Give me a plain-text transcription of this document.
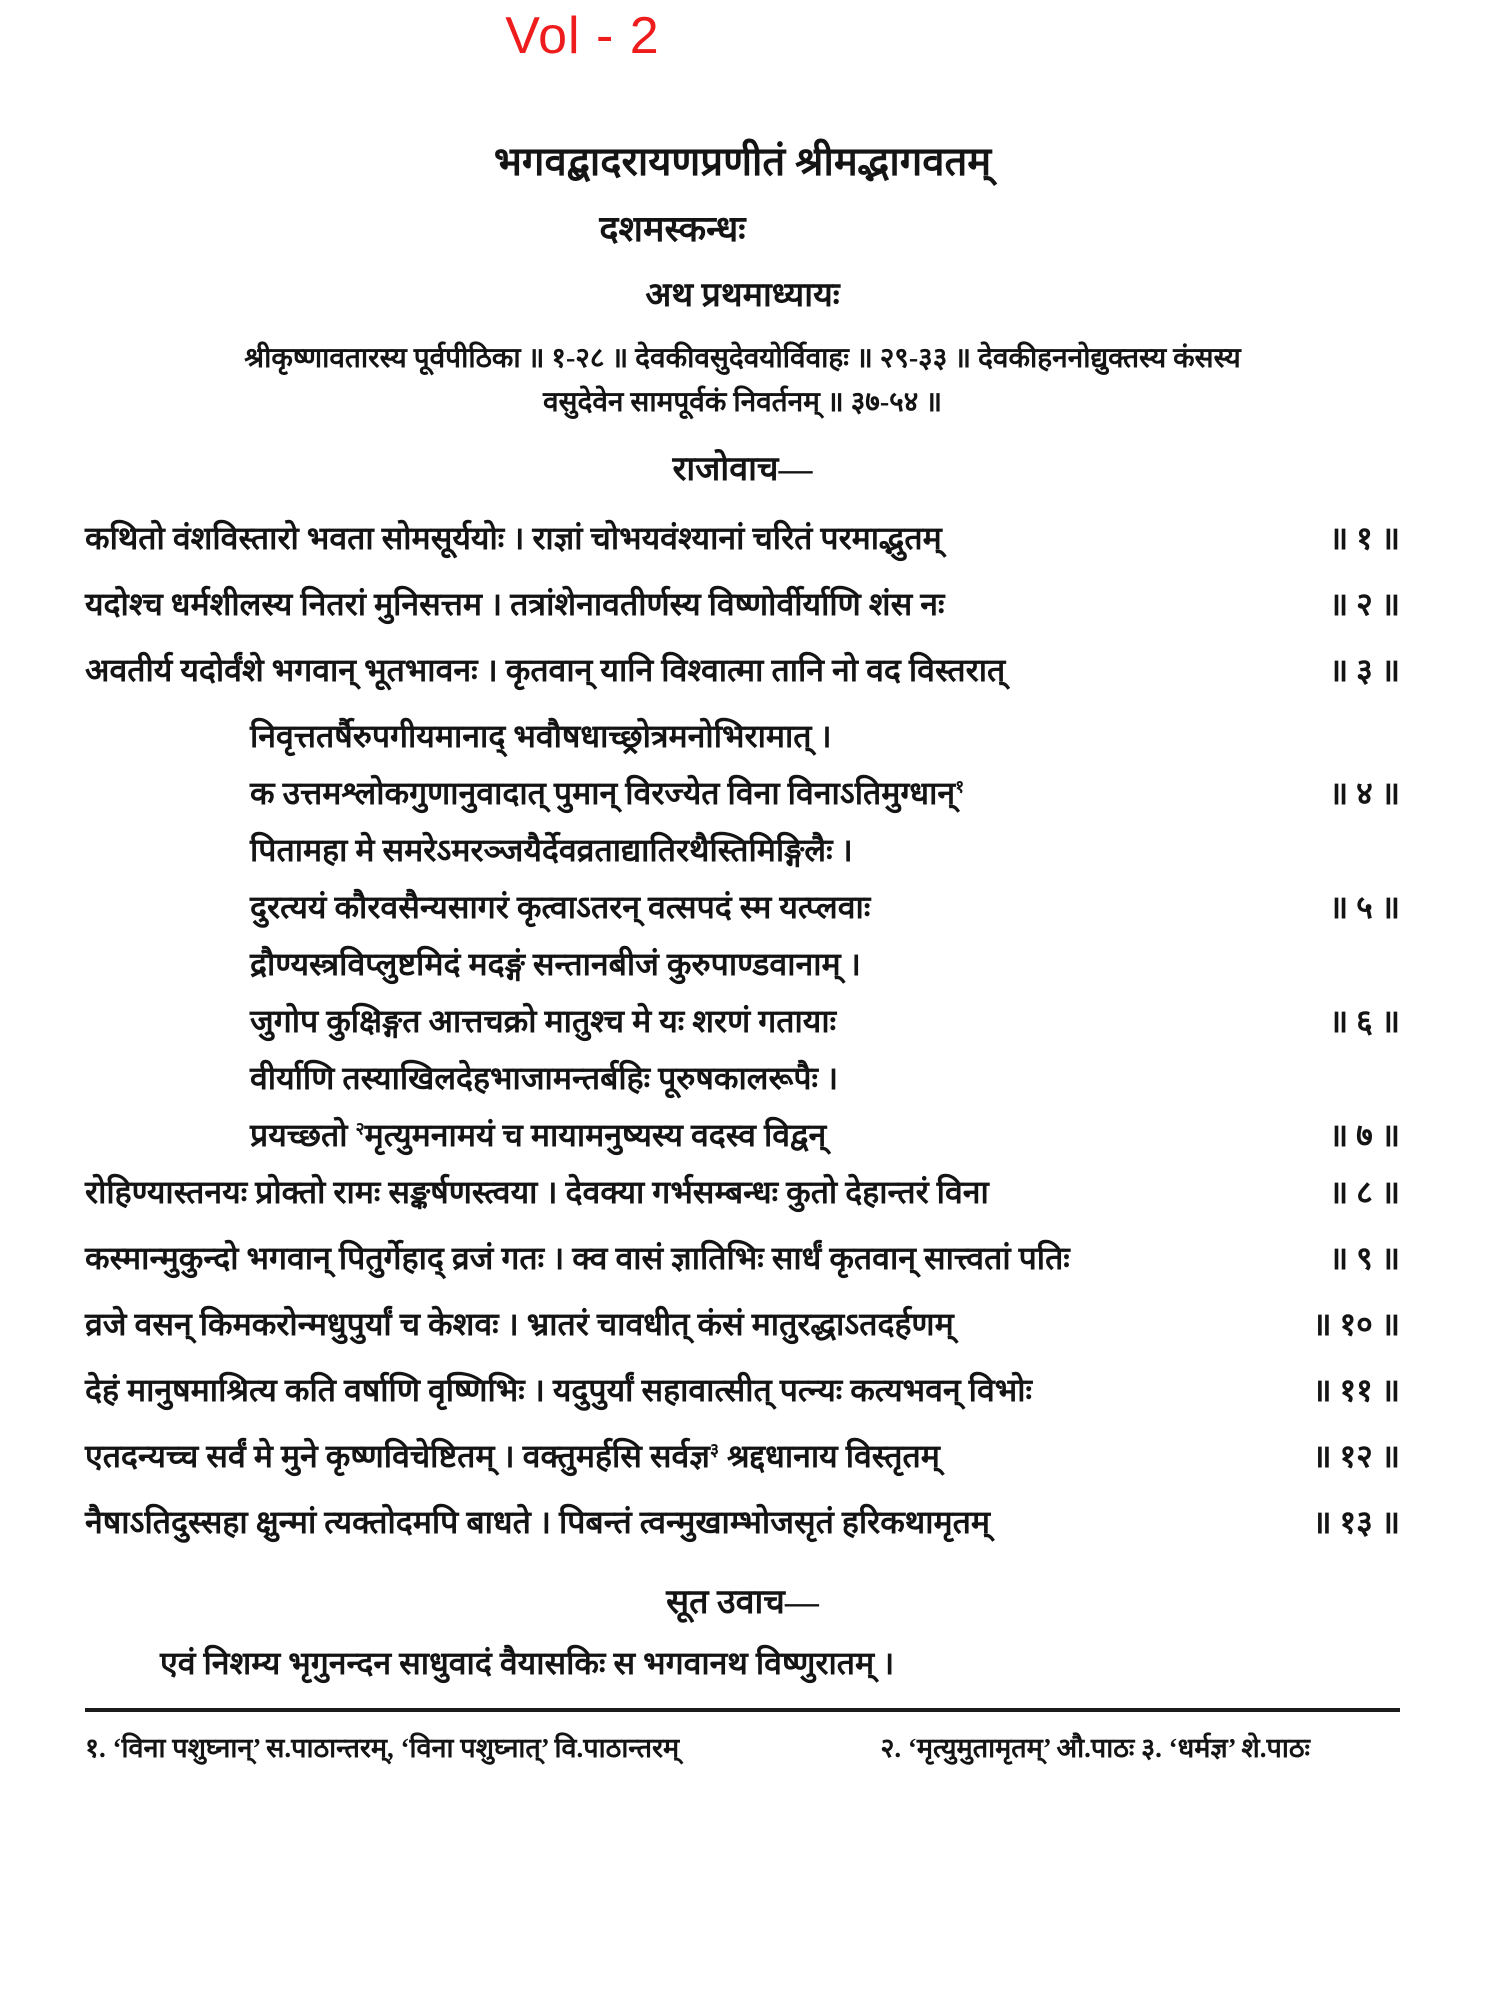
Vol - 2
भगवद्बादरायणप्रणीतं श्रीमद्भागवतम्
दशमस्कन्धः
अथ प्रथमाध्यायः
श्रीकृष्णावतारस्य पूर्वपीठिका ॥ १-२८ ॥ देवकीवसुदेवयोर्विवाहः ॥ २९-३३ ॥ देवकीहननोद्युक्तस्य कंसस्य
वसुदेवेन सामपूर्वकं निवर्तनम् ॥ ३७-५४ ॥
राजोवाच—
कथितो वंशविस्तारो भवता सोमसूर्ययोः । राज्ञां चोभयवंश्यानां चरितं परमाद्भुतम्	॥ १ ॥
यदोश्च धर्मशीलस्य नितरां मुनिसत्तम । तत्रांशेनावतीर्णस्य विष्णोर्वीर्याणि शंस नः	॥ २ ॥
अवतीर्य यदोर्वंशे भगवान् भूतभावनः । कृतवान् यानि विश्वात्मा तानि नो वद विस्तरात्	॥ ३ ॥
निवृत्ततर्षैरुपगीयमानाद् भवौषधाच्छ्रोत्रमनोभिरामात् ।
क उत्तमश्लोकगुणानुवादात् पुमान् विरज्येत विना विनाऽतिमुग्धान्$^१$	॥ ४ ॥
पितामहा मे समरेऽमरञ्जयैर्देवव्रताद्यातिरथैस्तिमिङ्गिलैः ।
दुरत्ययं कौरवसैन्यसागरं कृत्वाऽतरन् वत्सपदं स्म यत्प्लवाः	॥ ५ ॥
द्रौण्यस्त्रविप्लुष्टमिदं मदङ्गं सन्तानबीजं कुरुपाण्डवानाम् ।
जुगोप कुक्षिङ्गत आत्तचक्रो मातुश्च मे यः शरणं गतायाः	॥ ६ ॥
वीर्याणि तस्याखिलदेहभाजामन्तर्बहिः पूरुषकालरूपैः ।
प्रयच्छतो $^२$मृत्युमनामयं च मायामनुष्यस्य वदस्व विद्वन्	॥ ७ ॥
रोहिण्यास्तनयः प्रोक्तो रामः सङ्कर्षणस्त्वया । देवक्या गर्भसम्बन्धः कुतो देहान्तरं विना	॥ ८ ॥
कस्मान्मुकुन्दो भगवान् पितुर्गेहाद् व्रजं गतः । क्व वासं ज्ञातिभिः सार्धं कृतवान् सात्त्वतां पतिः	॥ ९ ॥
व्रजे वसन् किमकरोन्मधुपुर्यां च केशवः । भ्रातरं चावधीत् कंसं मातुरद्धाऽतदर्हणम्	॥ १० ॥
देहं मानुषमाश्रित्य कति वर्षाणि वृष्णिभिः । यदुपुर्यां सहावात्सीत् पत्न्यः कत्यभवन् विभोः	॥ ११ ॥
एतदन्यच्च सर्वं मे मुने कृष्णविचेष्टितम् । वक्तुमर्हसि सर्वज्ञ$^३$ श्रद्दधानाय विस्तृतम्	॥ १२ ॥
नैषाऽतिदुस्सहा क्षुन्मां त्यक्तोदमपि बाधते । पिबन्तं त्वन्मुखाम्भोजसृतं हरिकथामृतम्	॥ १३ ॥
सूत उवाच—
एवं निशम्य भृगुनन्दन साधुवादं वैयासकिः स भगवानथ विष्णुरातम् ।
१. ‘विना पशुघ्नान्’ स.पाठान्तरम्, ‘विना पशुघ्नात्’ वि.पाठान्तरम्	२. ‘मृत्युमुतामृतम्’ औ.पाठः ३. ‘धर्मज्ञ’ शे.पाठः
